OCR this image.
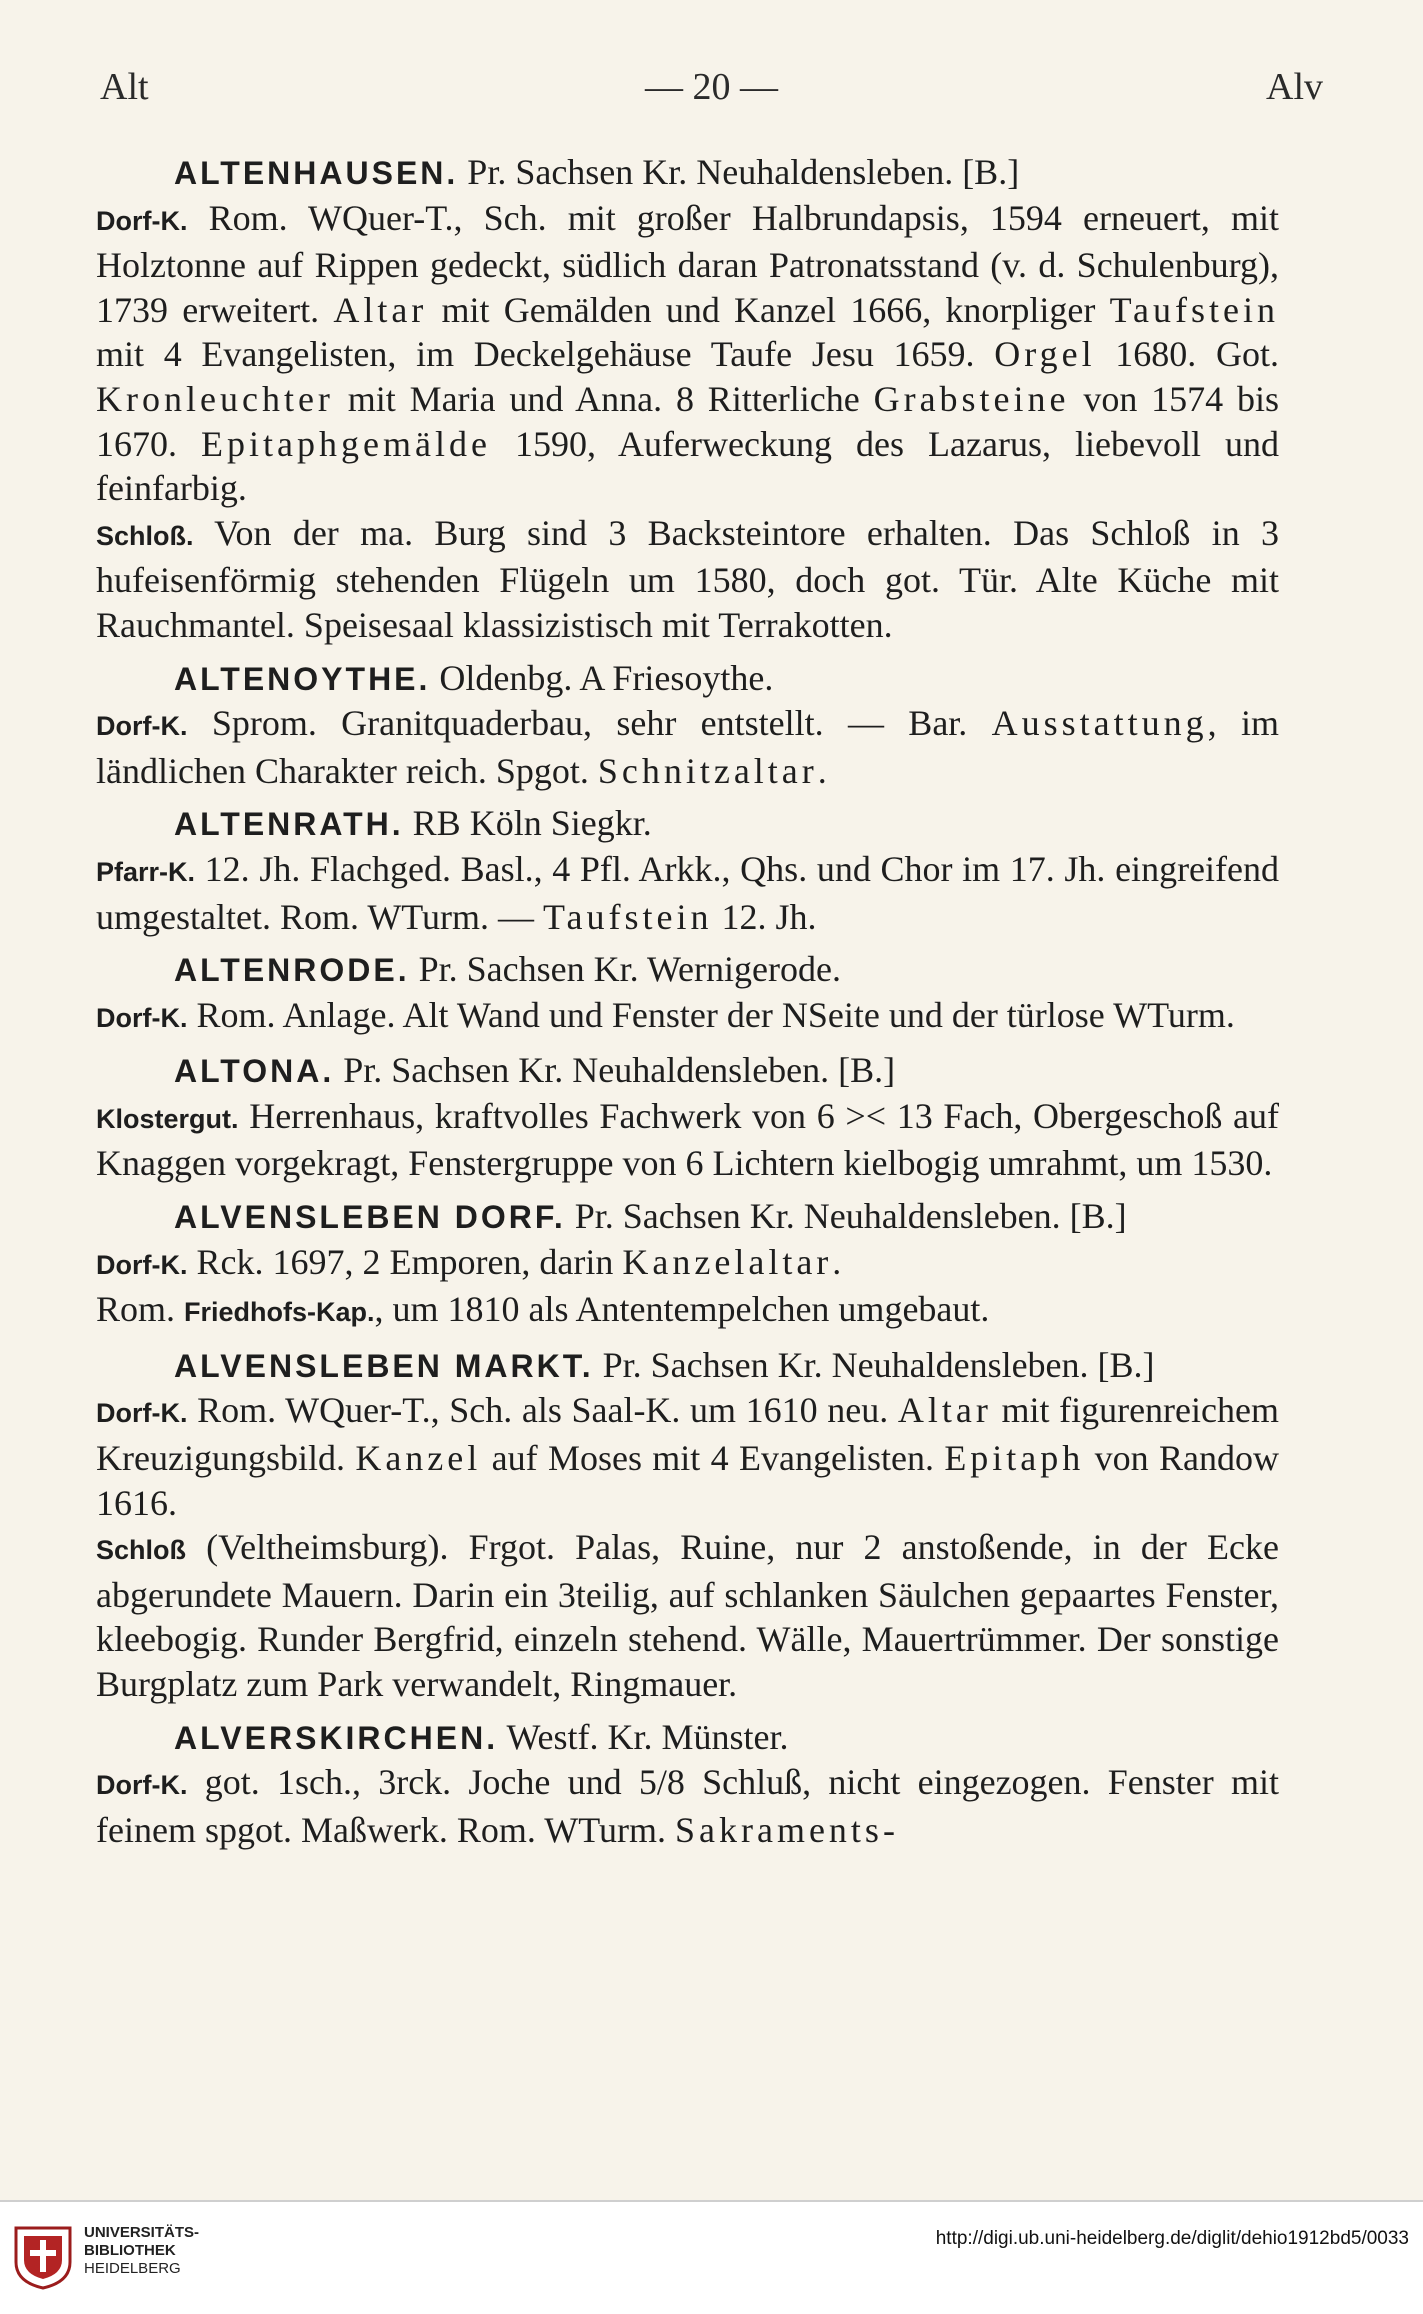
Alt	— 20 —	Alv

ALTENHAUSEN. Pr. Sachsen Kr. Neuhaldensleben. [B.]

Dorf-K. Rom. WQuer-T., Sch. mit großer Halbrundapsis, 1594 erneuert, mit Holztonne auf Rippen gedeckt, südlich daran Patronatsstand (v. d. Schulenburg), 1739 erweitert. Altar mit Gemälden und Kanzel 1666, knorpliger Taufstein mit 4 Evangelisten, im Deckelgehäuse Taufe Jesu 1659. Orgel 1680. Got. Kronleuchter mit Maria und Anna. 8 Ritterliche Grabsteine von 1574 bis 1670. Epitaphgemälde 1590, Auferweckung des Lazarus, liebevoll und feinfarbig.

Schloß. Von der ma. Burg sind 3 Backsteintore erhalten. Das Schloß in 3 hufeisenförmig stehenden Flügeln um 1580, doch got. Tür. Alte Küche mit Rauchmantel. Speisesaal klassizistisch mit Terrakotten.

ALTENOYTHE. Oldenbg. A Friesoythe.

Dorf-K. Sprom. Granitquaderbau, sehr entstellt. — Bar. Ausstattung, im ländlichen Charakter reich. Spgot. Schnitzaltar.

ALTENRATH. RB Köln Siegkr.

Pfarr-K. 12. Jh. Flachged. Basl., 4 Pfl. Arkk., Qhs. und Chor im 17. Jh. eingreifend umgestaltet. Rom. WTurm. — Taufstein 12. Jh.

ALTENRODE. Pr. Sachsen Kr. Wernigerode.

Dorf-K. Rom. Anlage. Alt Wand und Fenster der NSeite und der türlose WTurm.

ALTONA. Pr. Sachsen Kr. Neuhaldensleben. [B.]

Klostergut. Herrenhaus, kraftvolles Fachwerk von 6 >< 13 Fach, Obergeschoß auf Knaggen vorgekragt, Fenstergruppe von 6 Lichtern kielbogig umrahmt, um 1530.

ALVENSLEBEN DORF. Pr. Sachsen Kr. Neuhaldensleben. [B.]

Dorf-K. Rck. 1697, 2 Emporen, darin Kanzelaltar.

Rom. Friedhofs-Kap., um 1810 als Antentempelchen umgebaut.

ALVENSLEBEN MARKT. Pr. Sachsen Kr. Neuhaldensleben. [B.]

Dorf-K. Rom. WQuer-T., Sch. als Saal-K. um 1610 neu. Altar mit figurenreichem Kreuzigungsbild. Kanzel auf Moses mit 4 Evangelisten. Epitaph von Randow 1616.

Schloß (Veltheimsburg). Frgot. Palas, Ruine, nur 2 anstoßende, in der Ecke abgerundete Mauern. Darin ein 3teilig, auf schlanken Säulchen gepaartes Fenster, kleebogig. Runder Bergfrid, einzeln stehend. Wälle, Mauertrümmer. Der sonstige Burgplatz zum Park verwandelt, Ringmauer.

ALVERSKIRCHEN. Westf. Kr. Münster.

Dorf-K. got. 1sch., 3rck. Joche und 5/8 Schluß, nicht eingezogen. Fenster mit feinem spgot. Maßwerk. Rom. WTurm. Sakraments-

UNIVERSITÄTS-
BIBLIOTHEK
HEIDELBERG
http://digi.ub.uni-heidelberg.de/diglit/dehio1912bd5/0033
